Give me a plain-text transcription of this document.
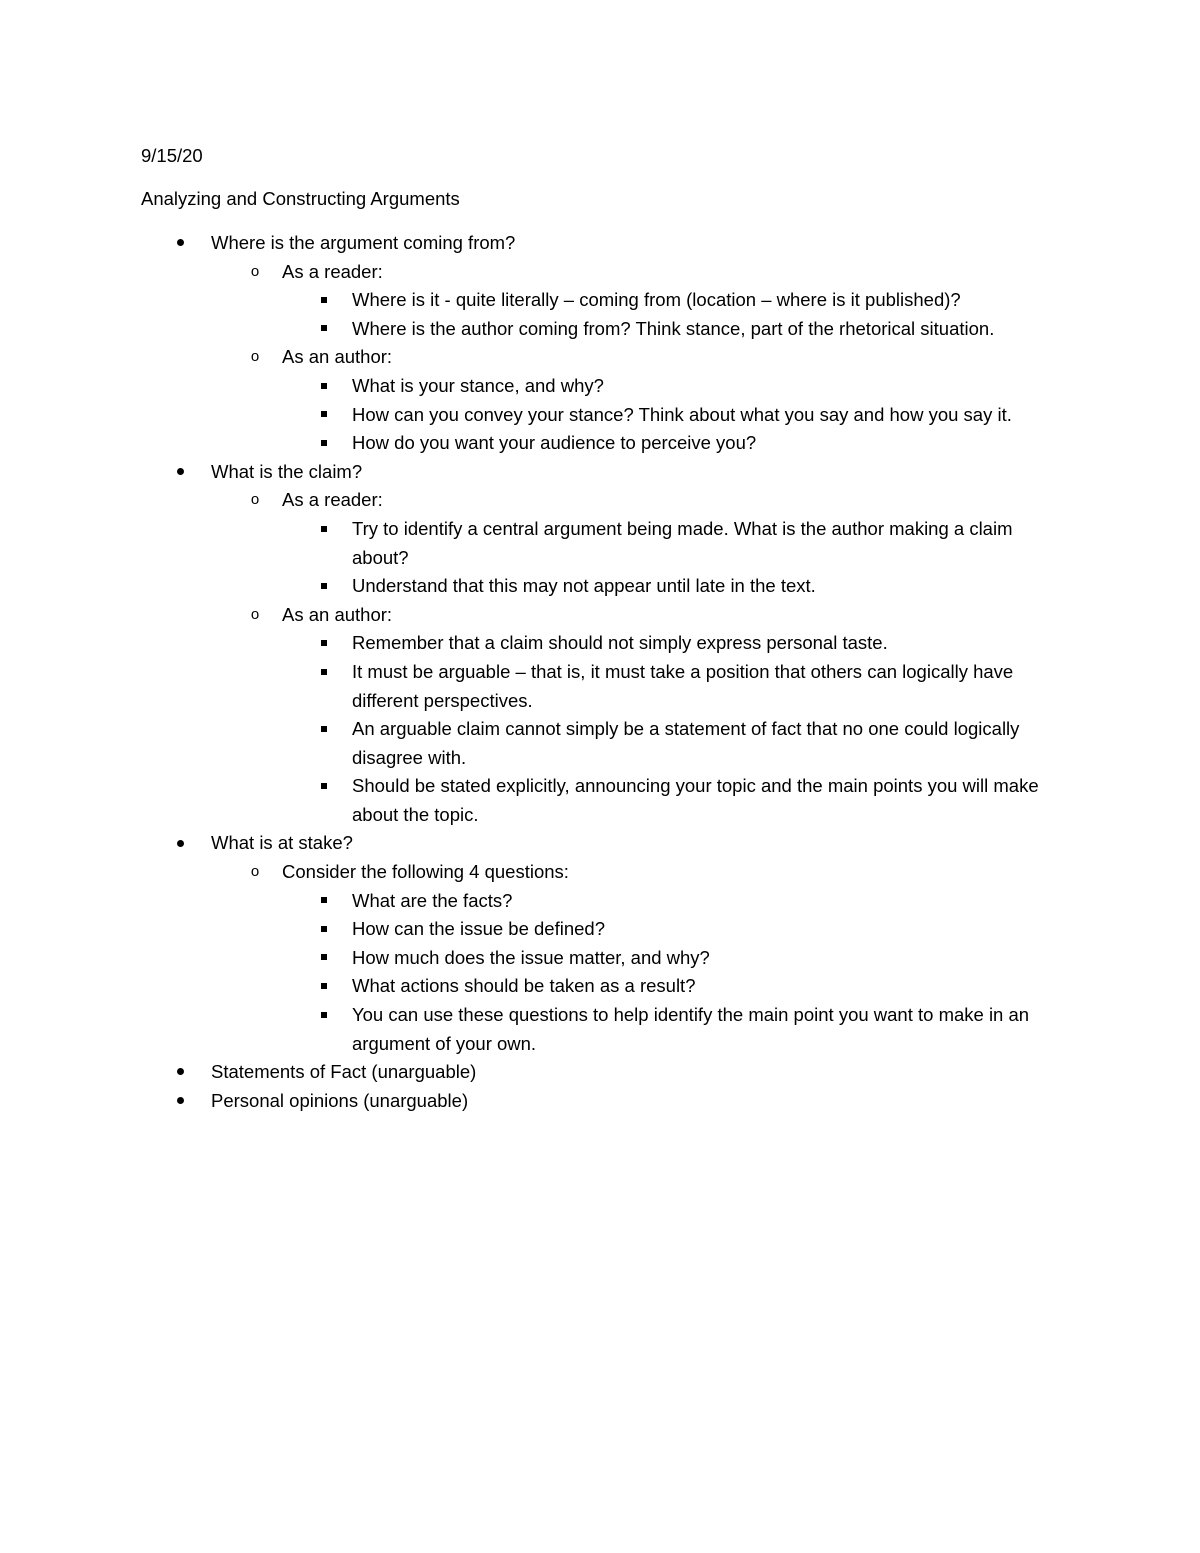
9/15/20

Analyzing and Constructing Arguments

Where is the argument coming from?
o As a reader:
Where is it - quite literally – coming from (location – where is it published)?
Where is the author coming from? Think stance, part of the rhetorical situation.
o As an author:
What is your stance, and why?
How can you convey your stance? Think about what you say and how you say it.
How do you want your audience to perceive you?
What is the claim?
o As a reader:
Try to identify a central argument being made. What is the author making a claim about?
Understand that this may not appear until late in the text.
o As an author:
Remember that a claim should not simply express personal taste.
It must be arguable – that is, it must take a position that others can logically have different perspectives.
An arguable claim cannot simply be a statement of fact that no one could logically disagree with.
Should be stated explicitly, announcing your topic and the main points you will make about the topic.
What is at stake?
o Consider the following 4 questions:
What are the facts?
How can the issue be defined?
How much does the issue matter, and why?
What actions should be taken as a result?
You can use these questions to help identify the main point you want to make in an argument of your own.
Statements of Fact (unarguable)
Personal opinions (unarguable)
